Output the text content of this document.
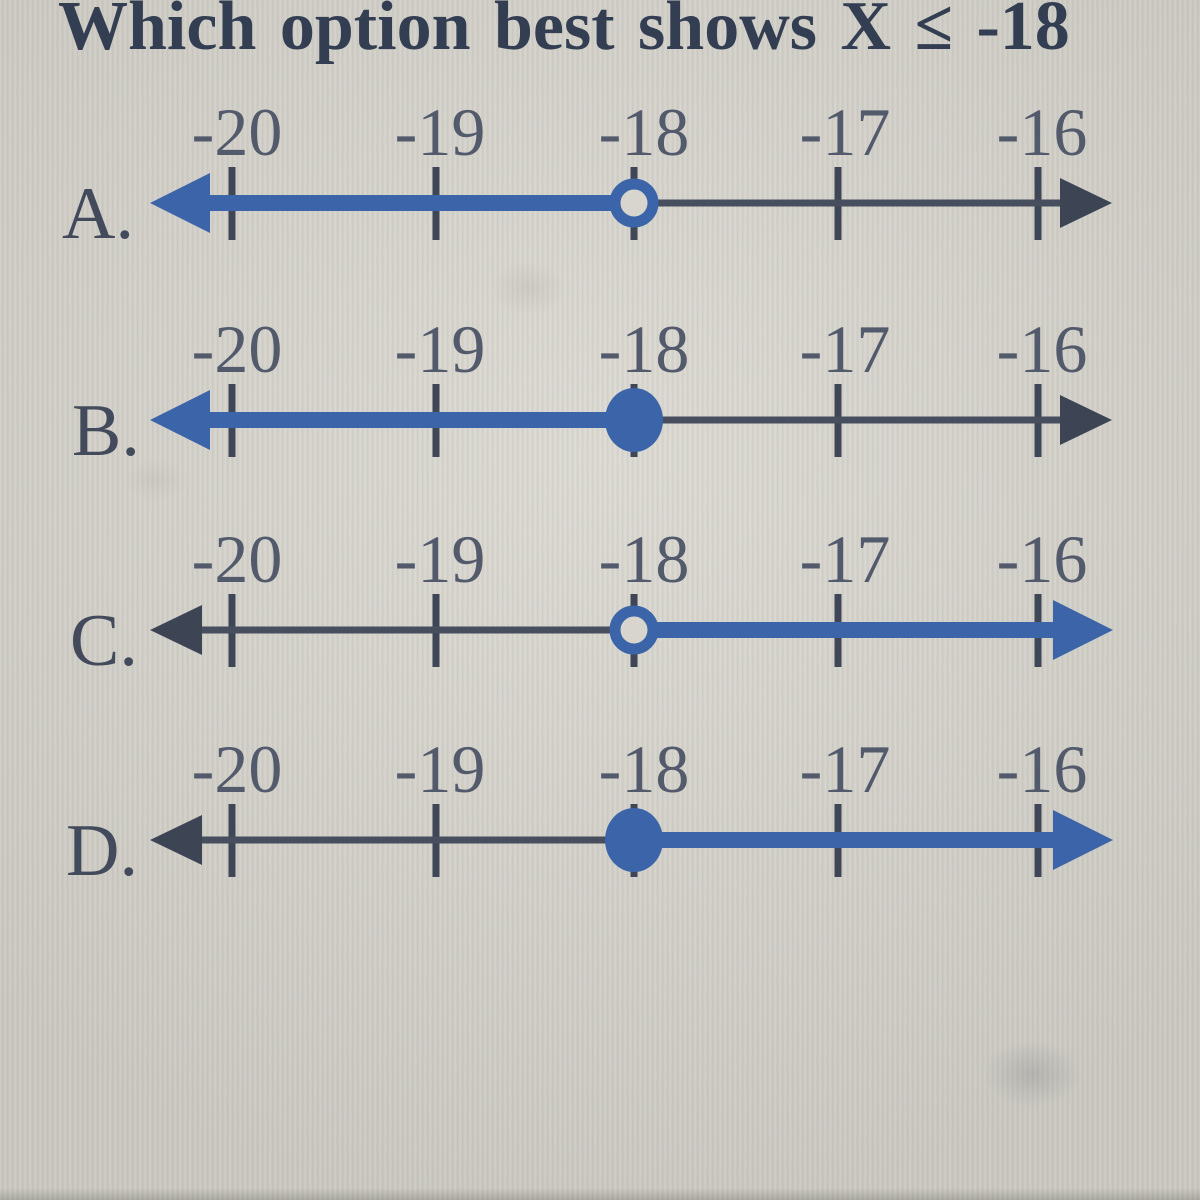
Which option best shows X ≤ -18
A.
-20 -19 -18 -17 -16
B.
-20 -19 -18 -17 -16
C.
-20 -19 -18 -17 -16
D.
-20 -19 -18 -17 -16
